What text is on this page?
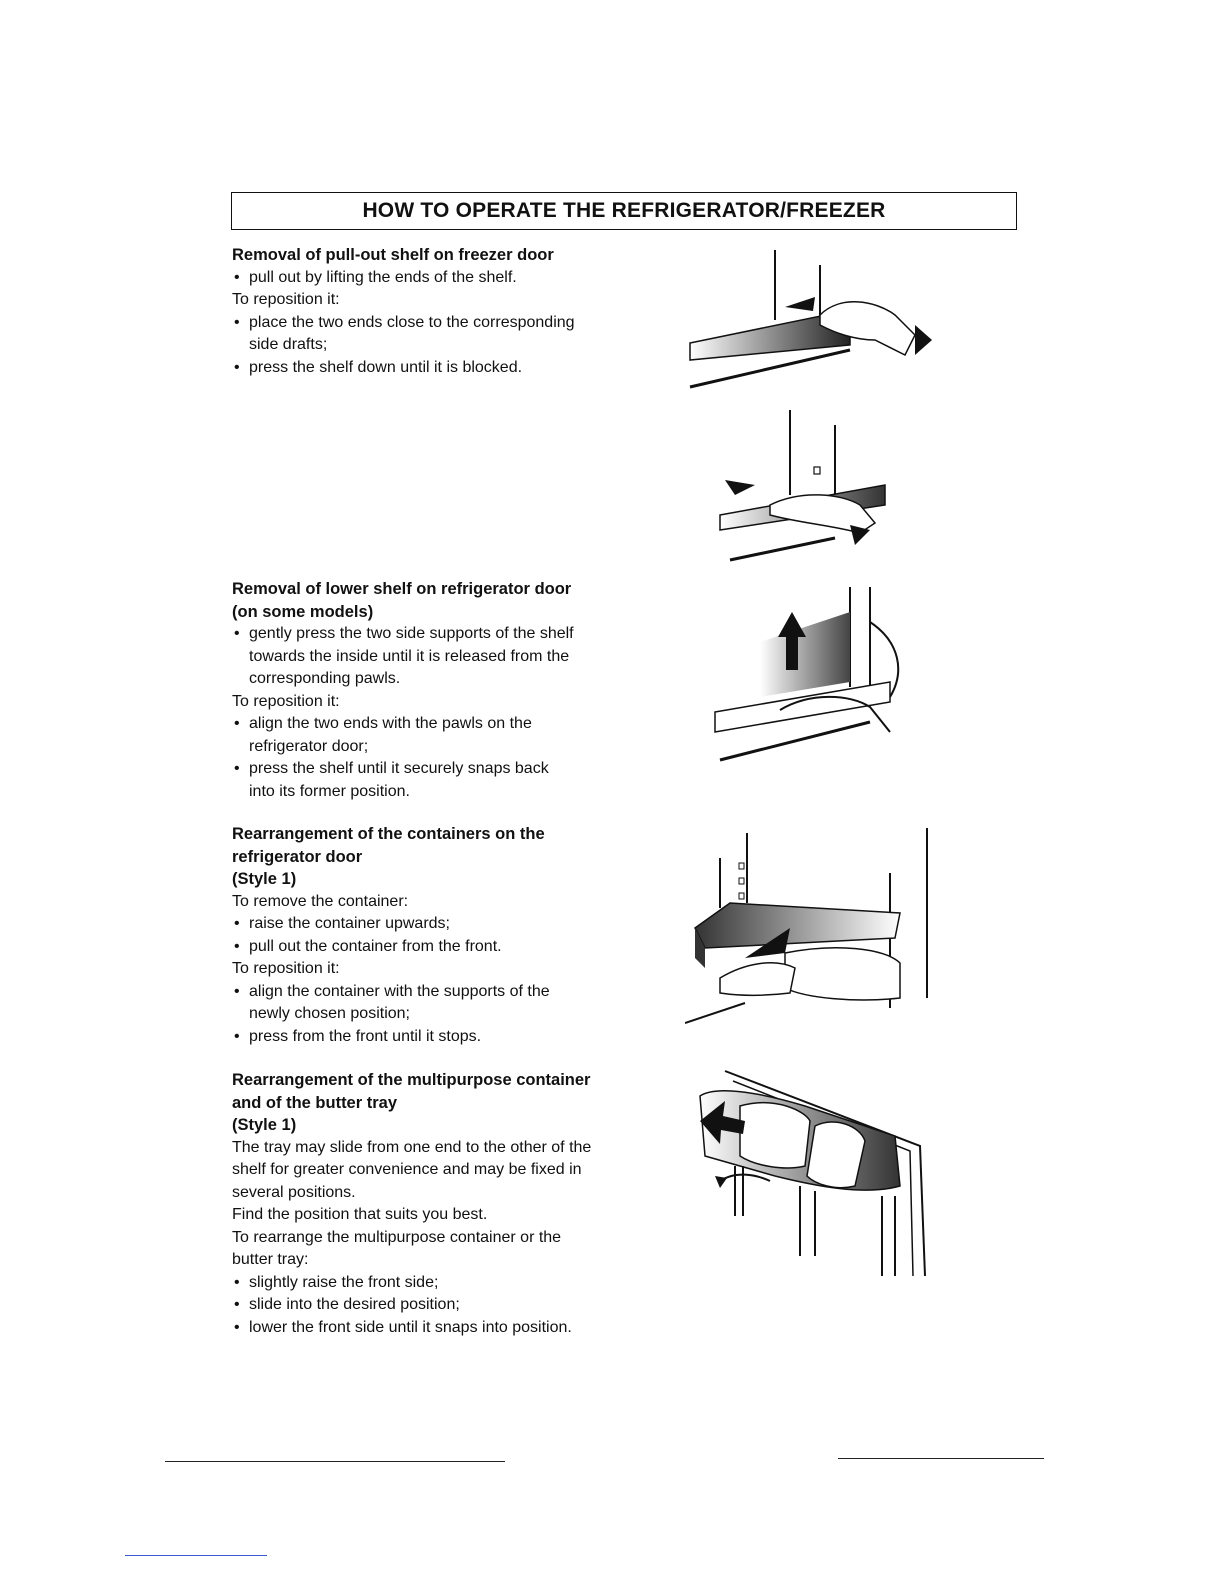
HOW TO OPERATE THE REFRIGERATOR/FREEZER
Removal of pull-out shelf on freezer door
• pull out by lifting the ends of the shelf.

To reposition it:

• place the two ends close to the corresponding side drafts;
• press the shelf down until it is blocked.
Removal of lower shelf on refrigerator door (on some models)
• gently press the two side supports of the shelf towards the inside until it is released from the corresponding pawls.

To reposition it:

• align the two ends with the pawls on the refrigerator door;
• press the shelf until it securely snaps back into its former position.
Rearrangement of the containers on the refrigerator door
(Style 1)

To remove the container:

• raise the container upwards;
• pull out the container from the front.

To reposition it:

• align the container with the supports of the newly chosen position;
• press from the front until it stops.
Rearrangement of the multipurpose container and of the butter tray
(Style 1)

The tray may slide from one end to the other of the shelf for greater convenience and may be fixed in several positions.

Find the position that suits you best.

To rearrange the multipurpose container or the butter tray:

• slightly raise the front side;
• slide into the desired position;
• lower the front side until it snaps into position.
